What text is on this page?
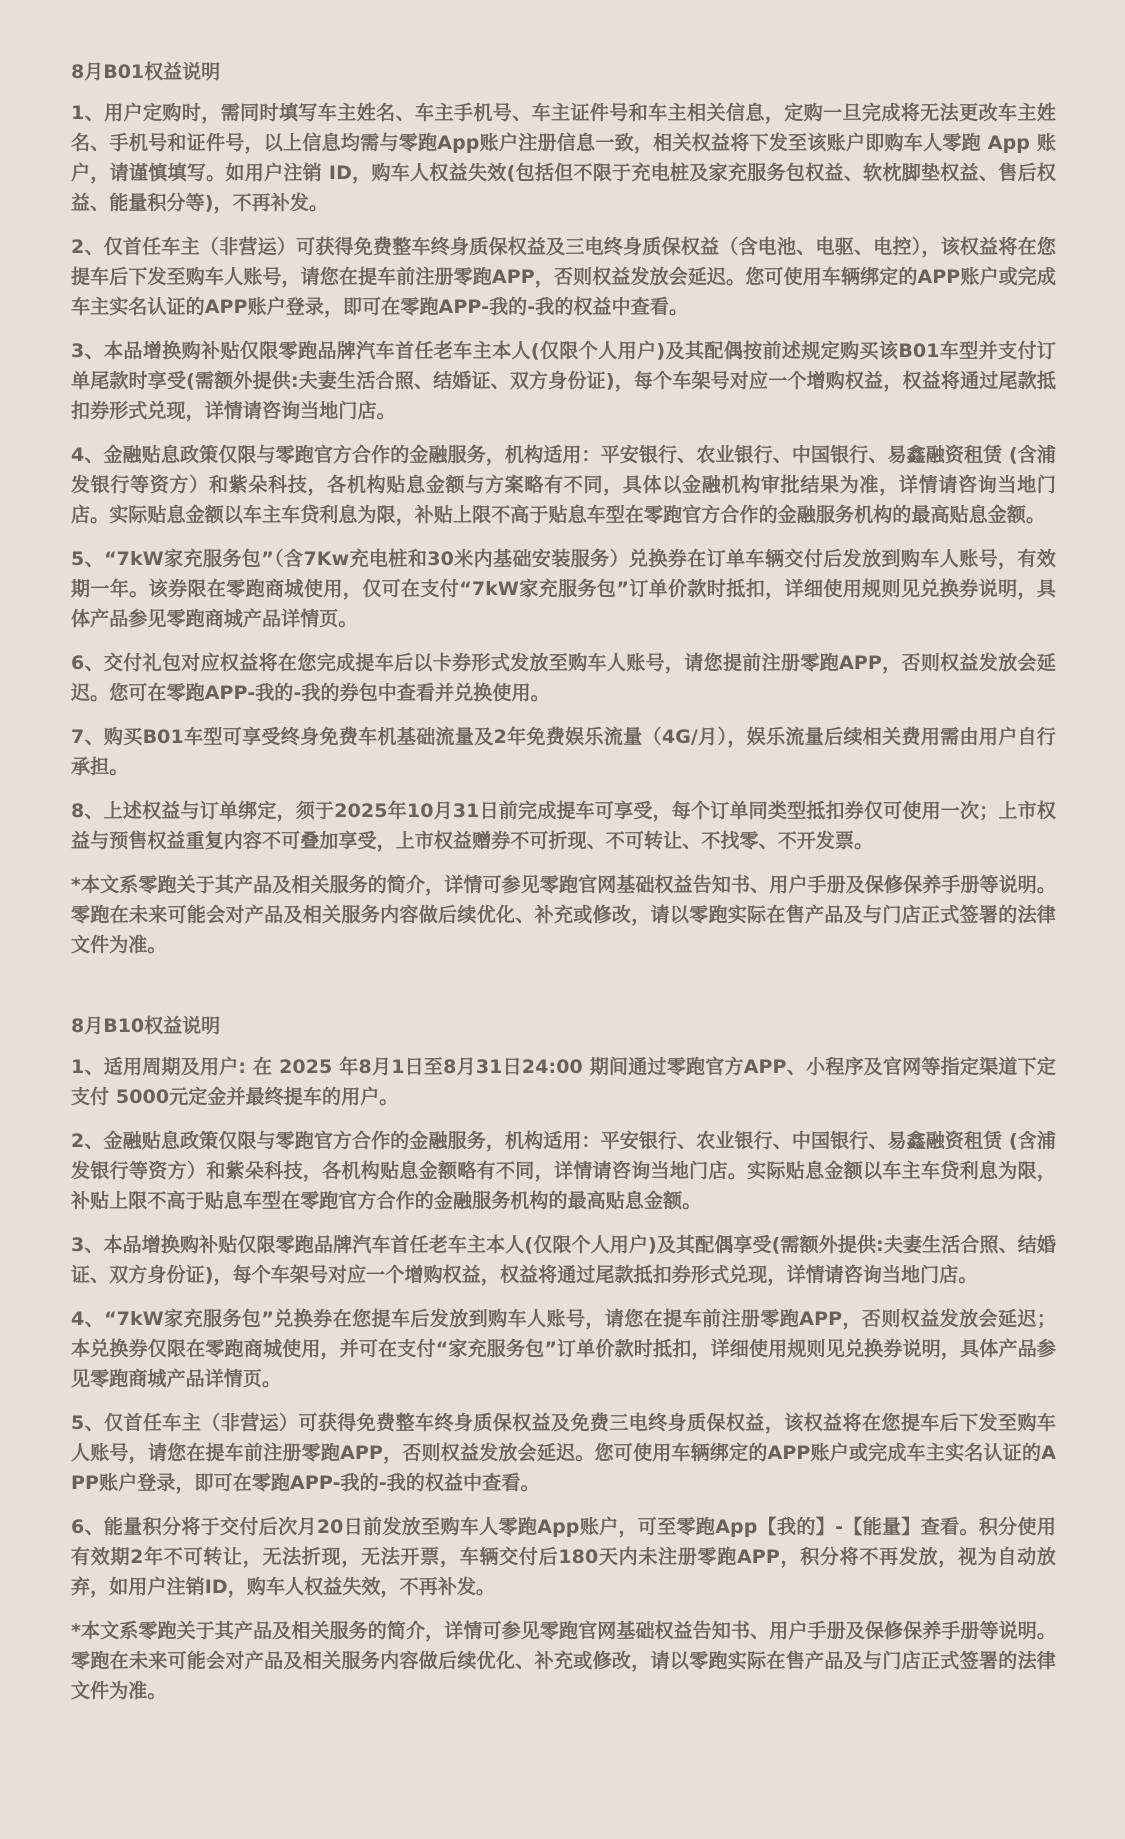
8月B01权益说明

1、用户定购时，需同时填写车主姓名、车主手机号、车主证件号和车主相关信息，定购一旦完成将无法更改车主姓名、手机号和证件号，以上信息均需与零跑App账户注册信息一致，相关权益将下发至该账户即购车人零跑 App 账户，请谨慎填写。如用户注销 ID，购车人权益失效(包括但不限于充电桩及家充服务包权益、软枕脚垫权益、售后权益、能量积分等)，不再补发。

2、仅首任车主（非营运）可获得免费整车终身质保权益及三电终身质保权益（含电池、电驱、电控），该权益将在您提车后下发至购车人账号，请您在提车前注册零跑APP，否则权益发放会延迟。您可使用车辆绑定的APP账户或完成车主实名认证的APP账户登录，即可在零跑APP-我的-我的权益中查看。

3、本品增换购补贴仅限零跑品牌汽车首任老车主本人(仅限个人用户)及其配偶按前述规定购买该B01车型并支付订单尾款时享受(需额外提供:夫妻生活合照、结婚证、双方身份证)，每个车架号对应一个增购权益，权益将通过尾款抵扣券形式兑现，详情请咨询当地门店。

4、金融贴息政策仅限与零跑官方合作的金融服务，机构适用：平安银行、农业银行、中国银行、易鑫融资租赁 (含浦发银行等资方）和紫朵科技，各机构贴息金额与方案略有不同，具体以金融机构审批结果为准，详情请咨询当地门店。实际贴息金额以车主车贷利息为限，补贴上限不高于贴息车型在零跑官方合作的金融服务机构的最高贴息金额。

5、“7kW家充服务包”（含7Kw充电桩和30米内基础安装服务）兑换券在订单车辆交付后发放到购车人账号，有效期一年。该券限在零跑商城使用，仅可在支付“7kW家充服务包”订单价款时抵扣，详细使用规则见兑换券说明，具体产品参见零跑商城产品详情页。

6、交付礼包对应权益将在您完成提车后以卡券形式发放至购车人账号，请您提前注册零跑APP，否则权益发放会延迟。您可在零跑APP-我的-我的券包中查看并兑换使用。

7、购买B01车型可享受终身免费车机基础流量及2年免费娱乐流量（4G/月），娱乐流量后续相关费用需由用户自行承担。

8、上述权益与订单绑定，须于2025年10月31日前完成提车可享受，每个订单同类型抵扣券仅可使用一次；上市权益与预售权益重复内容不可叠加享受，上市权益赠券不可折现、不可转让、不找零、不开发票。

*本文系零跑关于其产品及相关服务的简介，详情可参见零跑官网基础权益告知书、用户手册及保修保养手册等说明。零跑在未来可能会对产品及相关服务内容做后续优化、补充或修改，请以零跑实际在售产品及与门店正式签署的法律文件为准。

8月B10权益说明

1、适用周期及用户: 在 2025 年8月1日至8月31日24:00 期间通过零跑官方APP、小程序及官网等指定渠道下定支付 5000元定金并最终提车的用户。

2、金融贴息政策仅限与零跑官方合作的金融服务，机构适用：平安银行、农业银行、中国银行、易鑫融资租赁 (含浦发银行等资方）和紫朵科技，各机构贴息金额略有不同，详情请咨询当地门店。实际贴息金额以车主车贷利息为限，补贴上限不高于贴息车型在零跑官方合作的金融服务机构的最高贴息金额。

3、本品增换购补贴仅限零跑品牌汽车首任老车主本人(仅限个人用户)及其配偶享受(需额外提供:夫妻生活合照、结婚证、双方身份证)，每个车架号对应一个增购权益，权益将通过尾款抵扣券形式兑现，详情请咨询当地门店。

4、“7kW家充服务包”兑换券在您提车后发放到购车人账号，请您在提车前注册零跑APP，否则权益发放会延迟；本兑换券仅限在零跑商城使用，并可在支付“家充服务包”订单价款时抵扣，详细使用规则见兑换券说明，具体产品参见零跑商城产品详情页。

5、仅首任车主（非营运）可获得免费整车终身质保权益及免费三电终身质保权益，该权益将在您提车后下发至购车人账号，请您在提车前注册零跑APP，否则权益发放会延迟。您可使用车辆绑定的APP账户或完成车主实名认证的APP账户登录，即可在零跑APP-我的-我的权益中查看。

6、能量积分将于交付后次月20日前发放至购车人零跑App账户，可至零跑App【我的】-【能量】查看。积分使用有效期2年不可转让，无法折现，无法开票，车辆交付后180天内未注册零跑APP，积分将不再发放，视为自动放弃，如用户注销ID，购车人权益失效，不再补发。

*本文系零跑关于其产品及相关服务的简介，详情可参见零跑官网基础权益告知书、用户手册及保修保养手册等说明。零跑在未来可能会对产品及相关服务内容做后续优化、补充或修改，请以零跑实际在售产品及与门店正式签署的法律文件为准。
